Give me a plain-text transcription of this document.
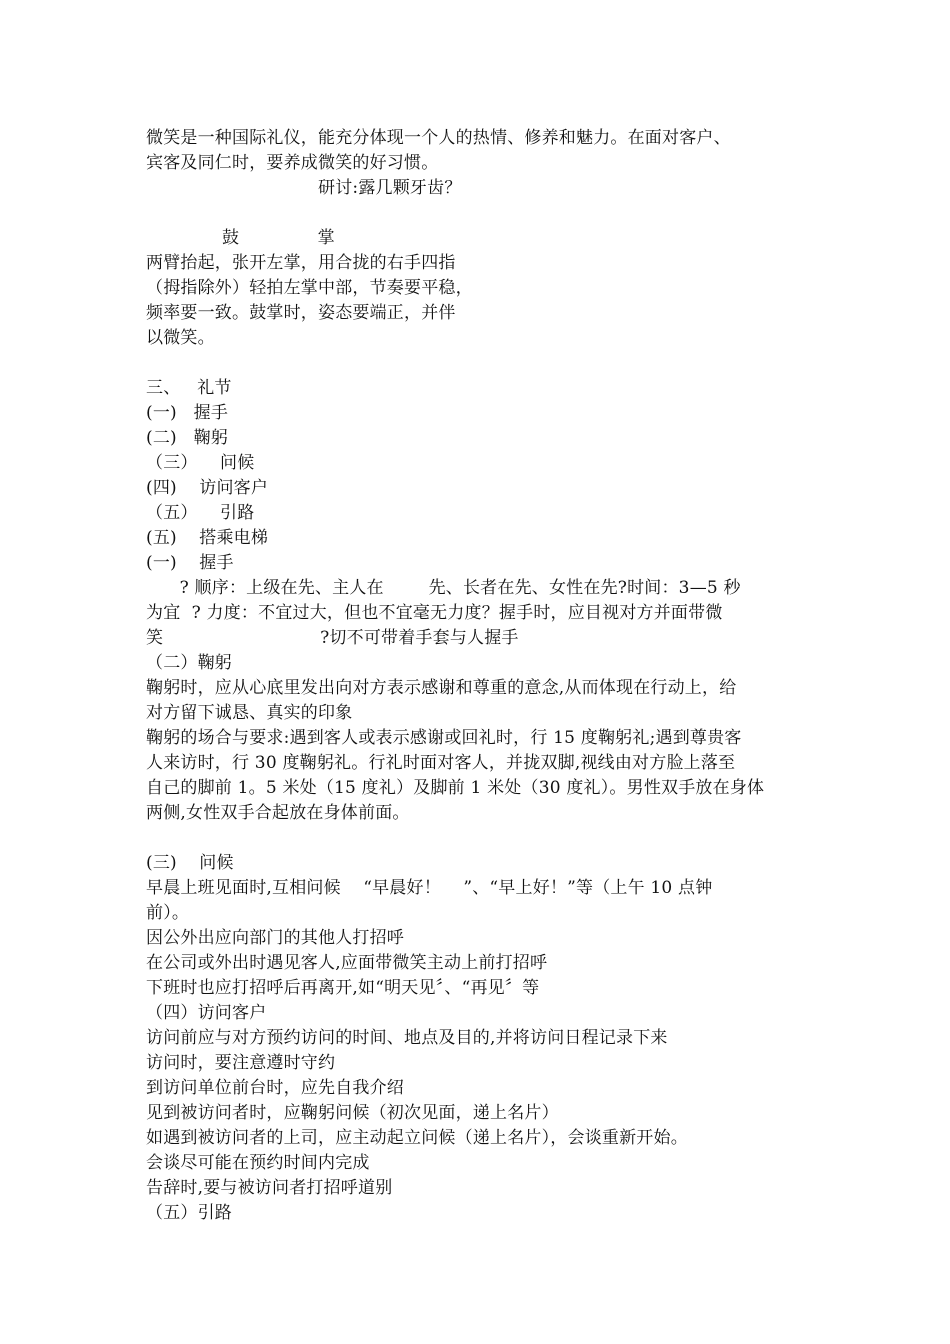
微笑是一种国际礼仪，能充分体现一个人的热情、修养和魅力。在面对客户、
宾客及同仁时，要养成微笑的好习惯。
研讨:露几颗牙齿？
鼓              掌
两臂抬起，张开左掌，用合拢的右手四指
（拇指除外）轻拍左掌中部，节奏要平稳，
频率要一致。鼓掌时，姿态要端正，并伴
以微笑。
三、   礼节
(一)   握手
(二)   鞠躬
（三）    问候
(四)    访问客户
（五）    引路
(五)    搭乘电梯
(一)    握手
? 顺序：上级在先、主人在        先、长者在先、女性在先?时间：3—5 秒
为宜  ? 力度：不宜过大，但也不宜毫无力度？握手时，应目视对方并面带微
笑                            ?切不可带着手套与人握手
（二）鞠躬
鞠躬时，应从心底里发出向对方表示感谢和尊重的意念,从而体现在行动上，给
对方留下诚恳、真实的印象
鞠躬的场合与要求:遇到客人或表示感谢或回礼时，行 15 度鞠躬礼;遇到尊贵客
人来访时，行 30 度鞠躬礼。行礼时面对客人，并拢双脚,视线由对方脸上落至
自己的脚前 1。5 米处（15 度礼）及脚前 1 米处（30 度礼）。男性双手放在身体
两侧,女性双手合起放在身体前面。
(三)    问候
早晨上班见面时,互相问候    “早晨好！    ”、“早上好！”等（上午 10 点钟
前）。
因公外出应向部门的其他人打招呼
在公司或外出时遇见客人,应面带微笑主动上前打招呼
下班时也应打招呼后再离开,如“明天见〞、“再见〞等
（四）访问客户
访问前应与对方预约访问的时间、地点及目的,并将访问日程记录下来
访问时，要注意遵时守约
到访问单位前台时，应先自我介绍
见到被访问者时，应鞠躬问候（初次见面，递上名片）
如遇到被访问者的上司，应主动起立问候（递上名片），会谈重新开始。
会谈尽可能在预约时间内完成
告辞时,要与被访问者打招呼道别
（五）引路
